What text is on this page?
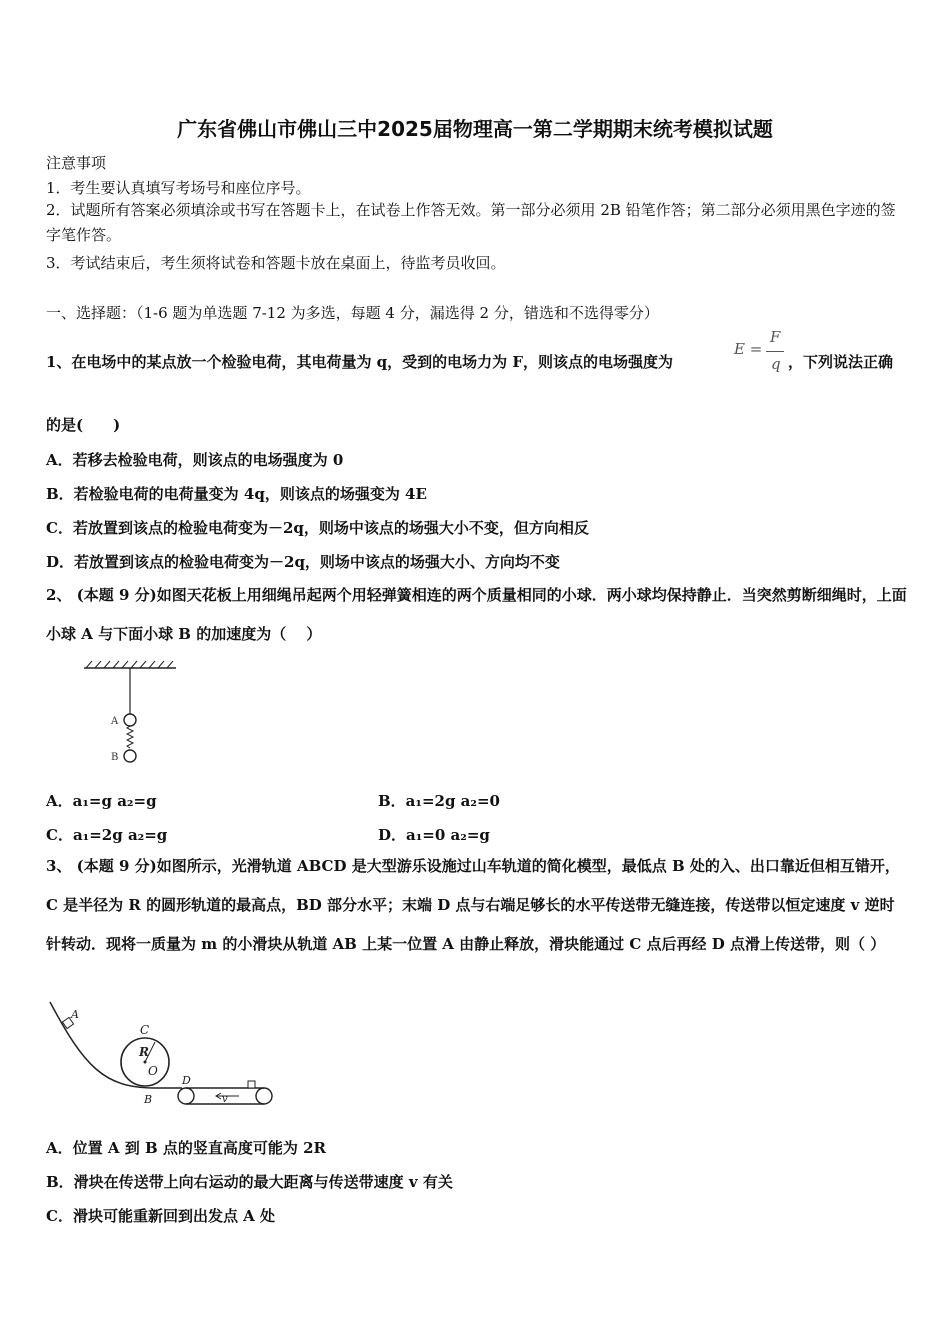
广东省佛山市佛山三中2025届物理高一第二学期期末统考模拟试题
注意事项
1．考生要认真填写考场号和座位序号。
2．试题所有答案必须填涂或书写在答题卡上，在试卷上作答无效。第一部分必须用 2B 铅笔作答；第二部分必须用黑色字迹的签字笔作答。
3．考试结束后，考生须将试卷和答题卡放在桌面上，待监考员收回。
一、选择题：（1-6 题为单选题 7-12 为多选，每题 4 分，漏选得 2 分，错选和不选得零分）
1、在电场中的某点放一个检验电荷，其电荷量为 q，受到的电场力为 F，则该点的电场强度为
E =
F
q ，下列说法正确
的是(　　)
A．若移去检验电荷，则该点的电场强度为 0
B．若检验电荷的电荷量变为 4q，则该点的场强变为 4E
C．若放置到该点的检验电荷变为－2q，则场中该点的场强大小不变，但方向相反
D．若放置到该点的检验电荷变为－2q，则场中该点的场强大小、方向均不变
2、 (本题 9 分)如图天花板上用细绳吊起两个用轻弹簧相连的两个质量相同的小球．两小球均保持静止．当突然剪断细绳时，上面小球 A 与下面小球 B 的加速度为（　 ）
A
B
A．a₁=g a₂=g	B．a₁=2g a₂=0
C．a₁=2g a₂=g	D．a₁=0 a₂=g
3、 (本题 9 分)如图所示，光滑轨道 ABCD 是大型游乐设施过山车轨道的简化模型，最低点 B 处的入、出口靠近但相互错开，C 是半径为 R 的圆形轨道的最高点，BD 部分水平；末端 D 点与右端足够长的水平传送带无缝连接，传送带以恒定速度 v 逆时针转动．现将一质量为 m 的小滑块从轨道 AB 上某一位置 A 由静止释放，滑块能通过 C 点后再经 D 点滑上传送带，则（ ）
A
C
R
O
B
D
v
A．位置 A 到 B 点的竖直高度可能为 2R
B．滑块在传送带上向右运动的最大距离与传送带速度 v 有关
C．滑块可能重新回到出发点 A 处
